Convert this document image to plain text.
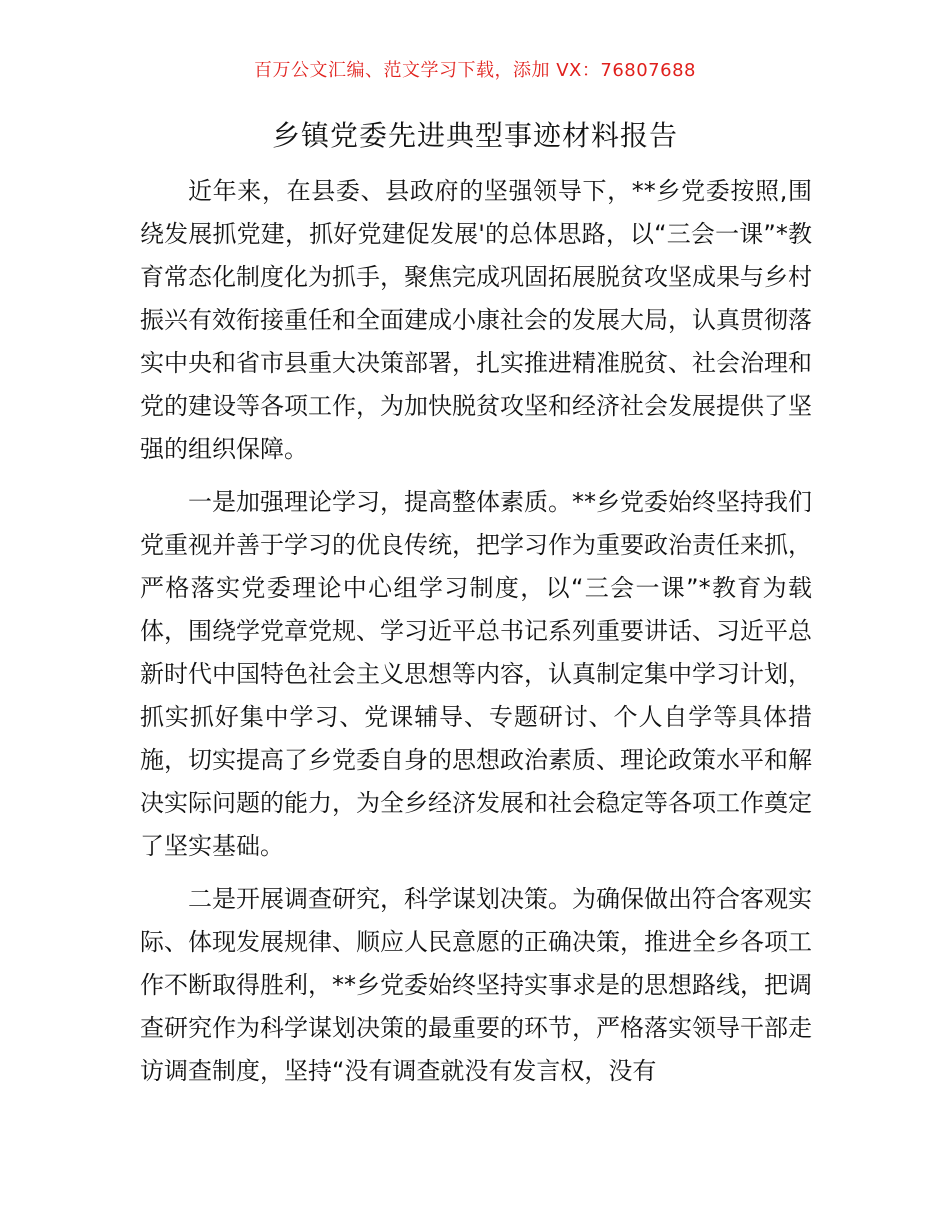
百万公文汇编、范文学习下载，添加 VX：76807688
乡镇党委先进典型事迹材料报告

近年来，在县委、县政府的坚强领导下，**乡党委按照,围绕发展抓党建，抓好党建促发展'的总体思路，以“三会一课”*教育常态化制度化为抓手，聚焦完成巩固拓展脱贫攻坚成果与乡村振兴有效衔接重任和全面建成小康社会的发展大局，认真贯彻落实中央和省市县重大决策部署，扎实推进精准脱贫、社会治理和党的建设等各项工作，为加快脱贫攻坚和经济社会发展提供了坚强的组织保障。

一是加强理论学习，提高整体素质。**乡党委始终坚持我们党重视并善于学习的优良传统，把学习作为重要政治责任来抓，严格落实党委理论中心组学习制度，以“三会一课”*教育为载体，围绕学党章党规、学习近平总书记系列重要讲话、习近平总新时代中国特色社会主义思想等内容，认真制定集中学习计划，抓实抓好集中学习、党课辅导、专题研讨、个人自学等具体措施，切实提高了乡党委自身的思想政治素质、理论政策水平和解决实际问题的能力，为全乡经济发展和社会稳定等各项工作奠定了坚实基础。

二是开展调查研究，科学谋划决策。为确保做出符合客观实际、体现发展规律、顺应人民意愿的正确决策，推进全乡各项工作不断取得胜利，**乡党委始终坚持实事求是的思想路线，把调查研究作为科学谋划决策的最重要的环节，严格落实领导干部走访调查制度，坚持“没有调查就没有发言权，没有
